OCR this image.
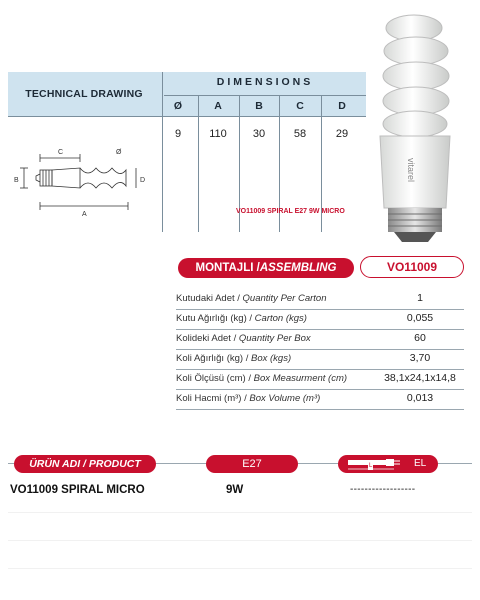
vitarel
TECHNICAL DRAWING
DIMENSIONS
Ø	A	B	C	D
9	110	30	58	29
VO11009 SPIRAL E27 9W MICRO
C	Ø
B	D
A
MONTAJLI / ASSEMBLING	VO11009
Kutudaki Adet / Quantity Per Carton	1
Kutu Ağırlığı (kg) / Carton (kgs)	0,055
Kolideki Adet / Quantity Per Box	60
Koli Ağırlığı (kg) / Box (kgs)	3,70
Koli Ölçüsü (cm) / Box Measurment (cm)	38,1x24,1x14,8
Koli Hacmi (m³) / Box Volume (m³)	0,013
ÜRÜN ADI / PRODUCT	E27	L	EL
VO11009 SPIRAL MICRO	9W	------------------
